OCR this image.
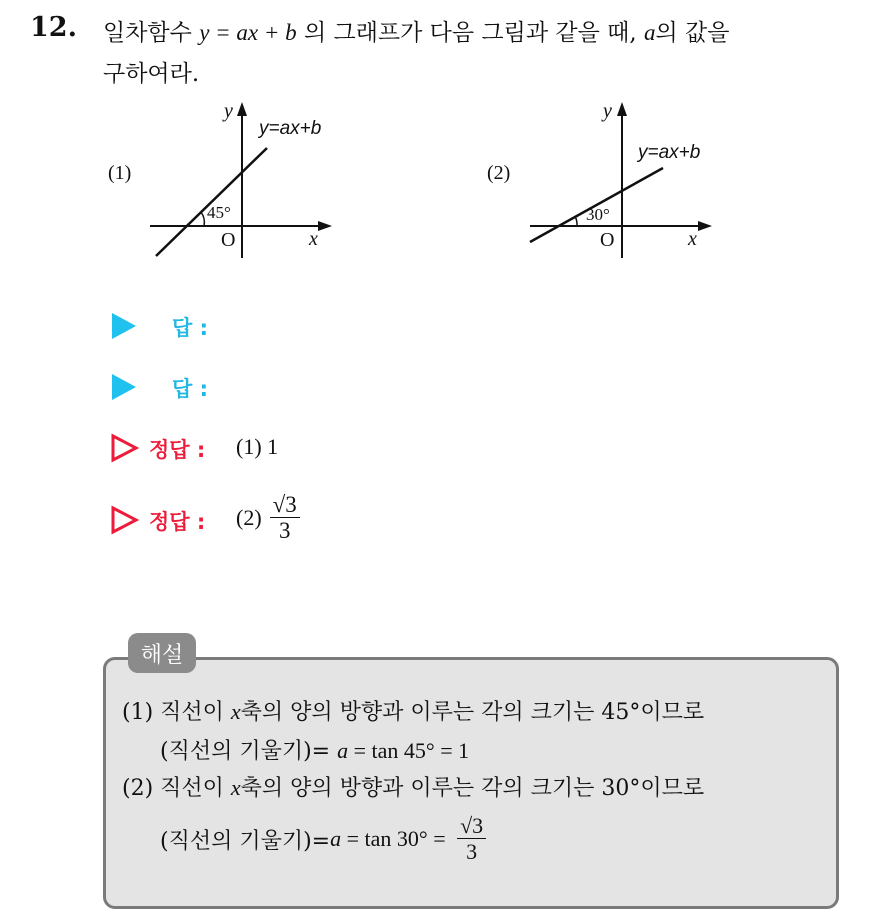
12. 일차함수 y = ax + b 의 그래프가 다음 그림과 같을 때, a의 값을
구하여라.
(1)
y
y=ax+b
45°
O	x
(2)
y
y=ax+b
30°
O	x
답 :
답 :
정답 : (1) 1
정답 : $(2) \frac{√3}{3}$
해설
(1) 직선이 x축의 양의 방향과 이루는 각의 크기는 45°이므로
(직선의 기울기)= a = tan 45° = 1
(2) 직선이 x축의 양의 방향과 이루는 각의 크기는 30°이므로
(직선의 기울기)= $a = \tan 30^\circ = \frac{√3}{3}$
